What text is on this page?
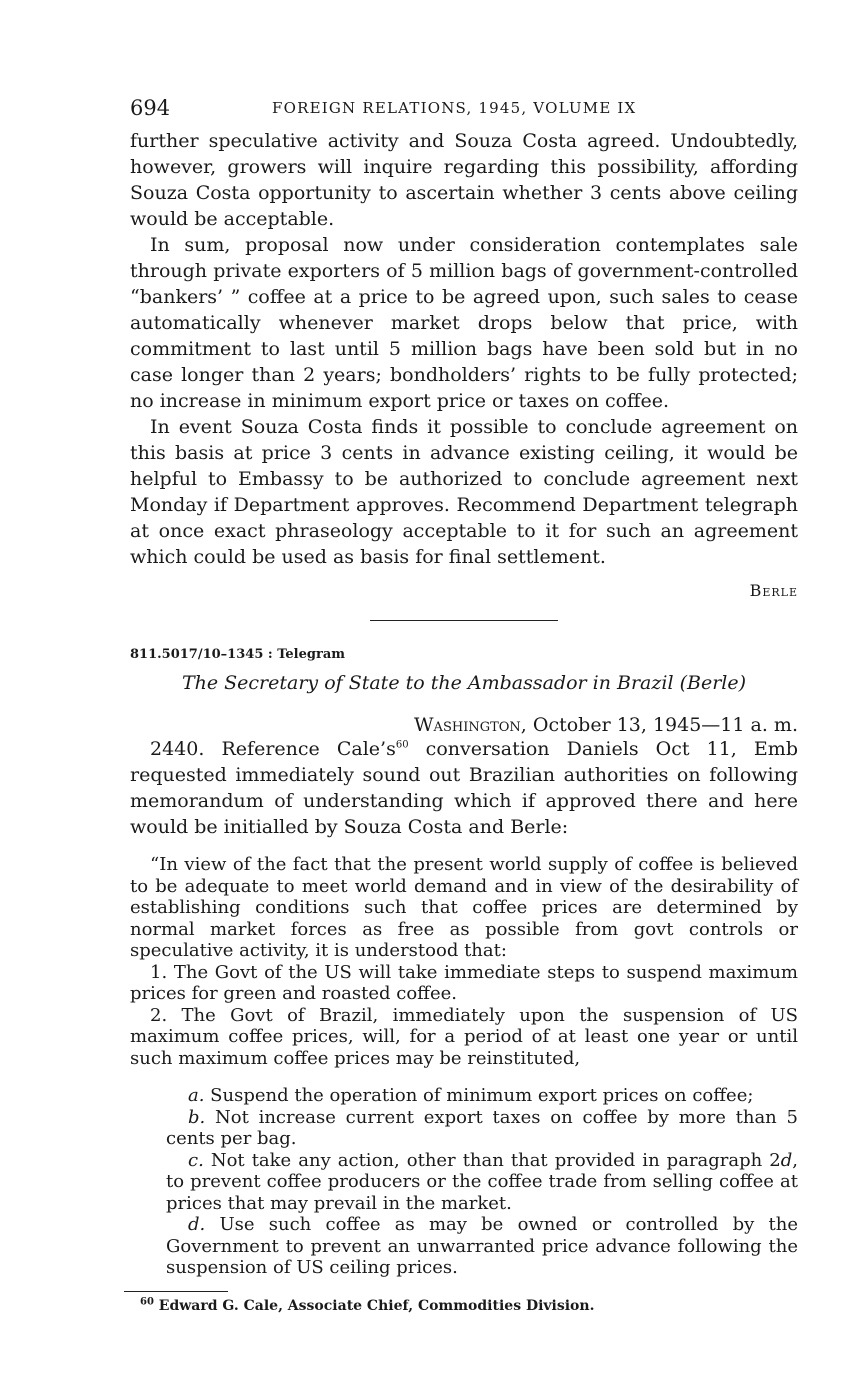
694	FOREIGN RELATIONS, 1945, VOLUME IX

further speculative activity and Souza Costa agreed. Undoubtedly, however, growers will inquire regarding this possibility, affording Souza Costa opportunity to ascertain whether 3 cents above ceiling would be acceptable.

In sum, proposal now under consideration contemplates sale through private exporters of 5 million bags of government-controlled “bankers’ ” coffee at a price to be agreed upon, such sales to cease automatically whenever market drops below that price, with commitment to last until 5 million bags have been sold but in no case longer than 2 years; bondholders’ rights to be fully protected; no increase in minimum export price or taxes on coffee.

In event Souza Costa finds it possible to conclude agreement on this basis at price 3 cents in advance existing ceiling, it would be helpful to Embassy to be authorized to conclude agreement next Monday if Department approves. Recommend Department telegraph at once exact phraseology acceptable to it for such an agreement which could be used as basis for final settlement.

Berle
811.5017/10–1345 : Telegram
The Secretary of State to the Ambassador in Brazil (Berle)
Washington, October 13, 1945—11 a. m.

2440. Reference $Cale’s^{60}$ conversation Daniels Oct 11, Emb requested immediately sound out Brazilian authorities on following memorandum of understanding which if approved there and here would be initialled by Souza Costa and Berle:

“In view of the fact that the present world supply of coffee is believed to be adequate to meet world demand and in view of the desirability of establishing conditions such that coffee prices are determined by normal market forces as free as possible from govt controls or speculative activity, it is understood that:

1. The Govt of the US will take immediate steps to suspend maximum prices for green and roasted coffee.

2. The Govt of Brazil, immediately upon the suspension of US maximum coffee prices, will, for a period of at least one year or until such maximum coffee prices may be reinstituted,

a. Suspend the operation of minimum export prices on coffee;

b. Not increase current export taxes on coffee by more than 5 cents per bag.

c. Not take any action, other than that provided in paragraph 2d, to prevent coffee producers or the coffee trade from selling coffee at prices that may prevail in the market.

d. Use such coffee as may be owned or controlled by the Government to prevent an unwarranted price advance following the suspension of US ceiling prices.

$^{60}$ Edward G. Cale, Associate Chief, Commodities Division.
